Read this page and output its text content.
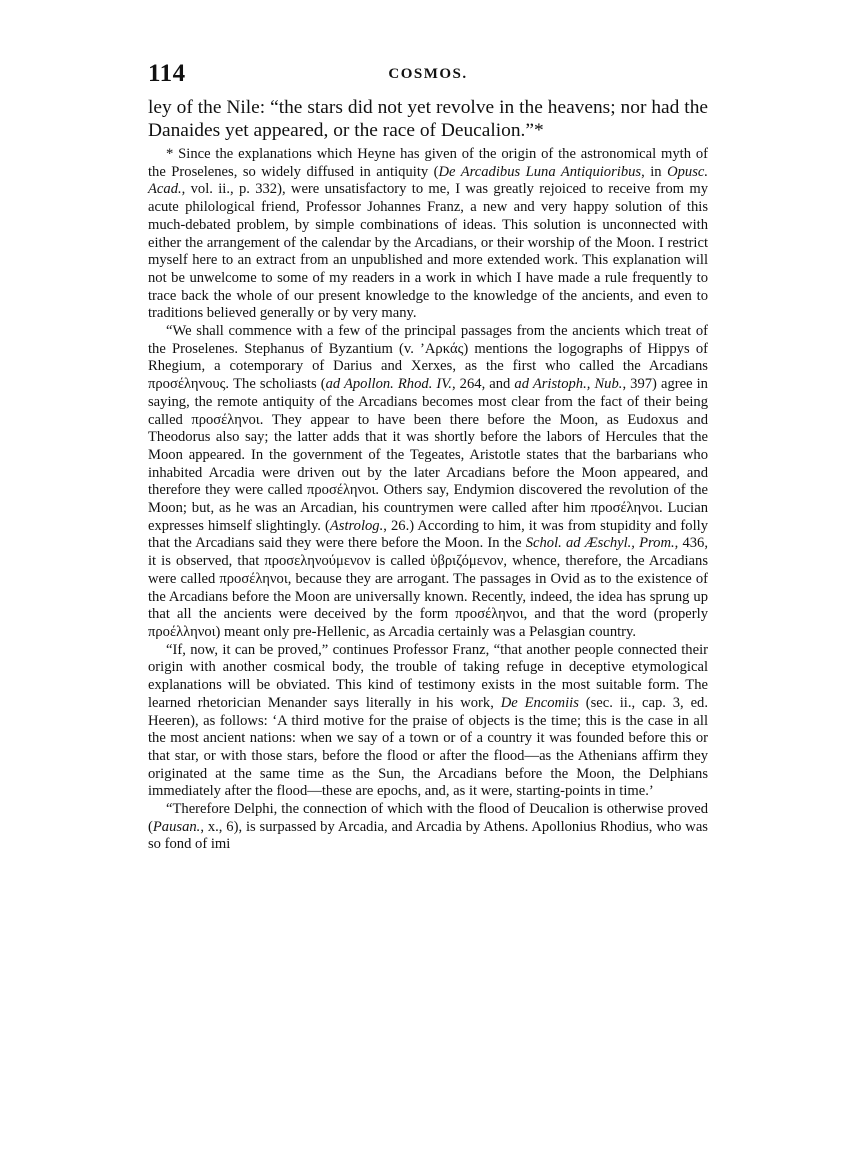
114	COSMOS.

ley of the Nile: “the stars did not yet revolve in the heavens; nor had the Danaides yet appeared, or the race of Deucalion.”*

* Since the explanations which Heyne has given of the origin of the astronomical myth of the Proselenes, so widely diffused in antiquity (De Arcadibus Luna Antiquioribus, in Opusc. Acad., vol. ii., p. 332), were unsatisfactory to me, I was greatly rejoiced to receive from my acute philological friend, Professor Johannes Franz, a new and very happy solution of this much-debated problem, by simple combinations of ideas. This solution is unconnected with either the arrangement of the calendar by the Arcadians, or their worship of the Moon. I restrict myself here to an extract from an unpublished and more extended work. This explanation will not be unwelcome to some of my readers in a work in which I have made a rule frequently to trace back the whole of our present knowledge to the knowledge of the ancients, and even to traditions believed generally or by very many.

“We shall commence with a few of the principal passages from the ancients which treat of the Proselenes. Stephanus of Byzantium (v. ’Αρκάς) mentions the logographs of Hippys of Rhegium, a cotemporary of Darius and Xerxes, as the first who called the Arcadians προσέληνους. The scholiasts (ad Apollon. Rhod. IV., 264, and ad Aristoph., Nub., 397) agree in saying, the remote antiquity of the Arcadians becomes most clear from the fact of their being called προσέληνοι. They appear to have been there before the Moon, as Eudoxus and Theodorus also say; the latter adds that it was shortly before the labors of Hercules that the Moon appeared. In the government of the Tegeates, Aristotle states that the barbarians who inhabited Arcadia were driven out by the later Arcadians before the Moon appeared, and therefore they were called προσέληνοι. Others say, Endymion discovered the revolution of the Moon; but, as he was an Arcadian, his countrymen were called after him προσέληνοι. Lucian expresses himself slightingly. (Astrolog., 26.) According to him, it was from stupidity and folly that the Arcadians said they were there before the Moon. In the Schol. ad Æschyl., Prom., 436, it is observed, that προσεληνούμενον is called ὑβριζόμενον, whence, therefore, the Arcadians were called προσέληνοι, because they are arrogant. The passages in Ovid as to the existence of the Arcadians before the Moon are universally known. Recently, indeed, the idea has sprung up that all the ancients were deceived by the form προσέληνοι, and that the word (properly προέλληνοι) meant only pre-Hellenic, as Arcadia certainly was a Pelasgian country.

“If, now, it can be proved,” continues Professor Franz, “that another people connected their origin with another cosmical body, the trouble of taking refuge in deceptive etymological explanations will be obviated. This kind of testimony exists in the most suitable form. The learned rhetorician Menander says literally in his work, De Encomiis (sec. ii., cap. 3, ed. Heeren), as follows: ‘A third motive for the praise of objects is the time; this is the case in all the most ancient nations: when we say of a town or of a country it was founded before this or that star, or with those stars, before the flood or after the flood—as the Athenians affirm they originated at the same time as the Sun, the Arcadians before the Moon, the Delphians immediately after the flood—these are epochs, and, as it were, starting-points in time.’

“Therefore Delphi, the connection of which with the flood of Deucalion is otherwise proved (Pausan., x., 6), is surpassed by Arcadia, and Arcadia by Athens. Apollonius Rhodius, who was so fond of imi
